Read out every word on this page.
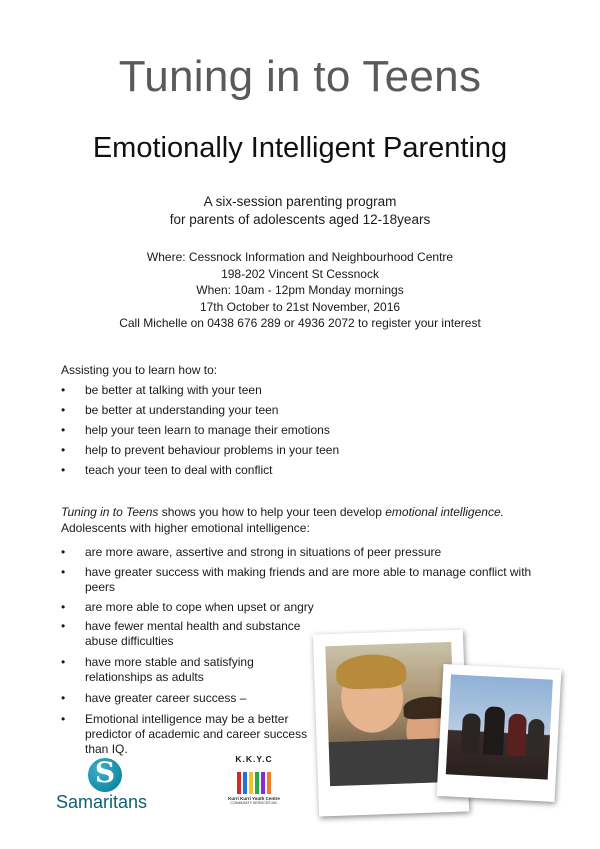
Tuning in to Teens
Emotionally Intelligent Parenting
A six-session parenting program
for parents of adolescents aged 12-18years
Where: Cessnock Information and Neighbourhood Centre
198-202 Vincent St Cessnock
When: 10am - 12pm Monday mornings
17th October to 21st November, 2016
Call Michelle on 0438 676 289 or 4936 2072 to register your interest
Assisting you to learn how to:
• be better at talking with your teen
• be better at understanding your teen
• help your teen learn to manage their emotions
• help to prevent behaviour problems in your teen
• teach your teen to deal with conflict
Tuning in to Teens shows you how to help your teen develop emotional intelligence.
Adolescents with higher emotional intelligence:
• are more aware, assertive and strong in situations of peer pressure
• have greater success with making friends and are more able to manage conflict with peers
• are more able to cope when upset or angry
• have fewer mental health and substance abuse difficulties
• have more stable and satisfying relationships as adults
• have greater career success –
• Emotional intelligence may be a better predictor of academic and career success than IQ.
S
Samaritans
K.K.Y.C
Kurri Kurri Youth Centre
COMMUNITY SERVICES INC
